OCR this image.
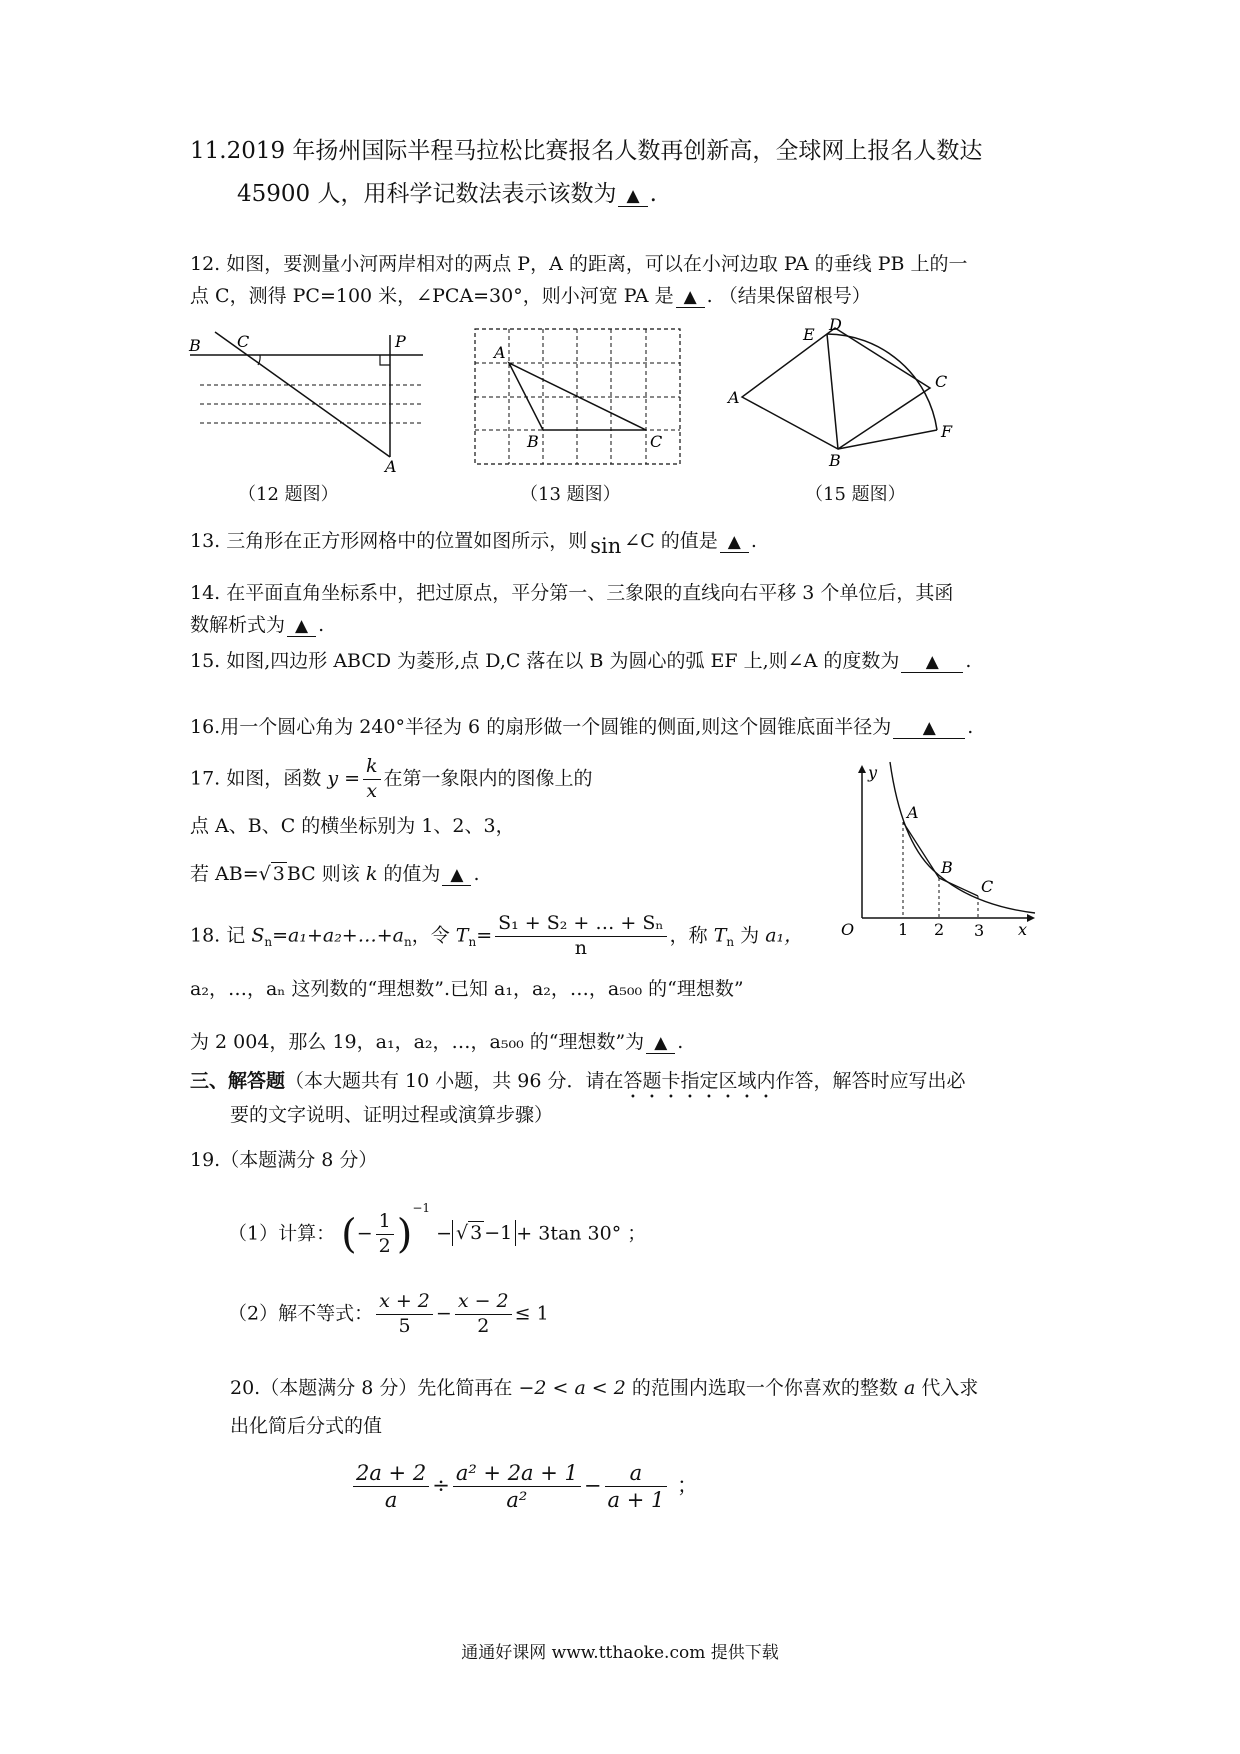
11.2019 年扬州国际半程马拉松比赛报名人数再创新高，全球网上报名人数达
45900 人，用科学记数法表示该数为 ▲ .
12. 如图，要测量小河两岸相对的两点 P，A 的距离，可以在小河边取 PA 的垂线 PB 上的一
点 C，测得 PC=100 米，∠PCA=30°，则小河宽 PA 是 ▲ . （结果保留根号）
B C	P
A
A
B	C
E
D
A
C
B
F
（12 题图）	（13 题图）	（15 题图）
13. 三角形在正方形网格中的位置如图所示，则 sin ∠C 的值是 ▲ .
14. 在平面直角坐标系中，把过原点，平分第一、三象限的直线向右平移 3 个单位后，其函
数解析式为 ▲ .
15. 如图,四边形 ABCD 为菱形,点 D,C 落在以 B 为圆心的弧 EF 上,则∠A 的度数为 ▲ .
16.用一个圆心角为 240°半径为 6 的扇形做一个圆锥的侧面,则这个圆锥底面半径为 ▲ .
17. 如图，函数 $y = \frac{k}{x}$ 在第一象限内的图像上的
点 A、B、C 的横坐标别为 1、2、3，
若 AB=√ 3 BC 则该 k 的值为 ▲ .
y
A
B
C
O	1 2 3 x
18. 记 $S_n=a_1+a_2+\dots+a_n$，令 $T_n= \frac{\text{S₁ + S₂ + … + Sₙ}}{n}$ ，称 $T_n$ 为 a₁，
a₂，…，aₙ 这列数的“理想数”.已知 a₁，a₂，…，a₅₀₀ 的“理想数”
为 2 004，那么 19，a₁，a₂，…，a₅₀₀ 的“理想数”为 ▲ .
三、解答题（本大题共有 10 小题，共 96 分．请在答题卡指定区域内作答，解答时应写出必
要的文字说明、证明过程或演算步骤）
19.（本题满分 8 分）
（1）计算： (− $\frac{1}{2} )^{-1}$ − √ 3 −1 + 3tan 30° ；
（2）解不等式： $\frac{x + 2}{5} - \frac{x - 2}{2} \le 1$
20.（本题满分 8 分）先化简再在 −2 < a < 2 的范围内选取一个你喜欢的整数 a 代入求
出化简后分式的值
$\frac{2a + 2}{a} \div \frac{\text{a² + 2a + 1}}{\text{a²}} - \frac{a}{a + 1}$ ；
通通好课网 www.tthaoke.com 提供下载
